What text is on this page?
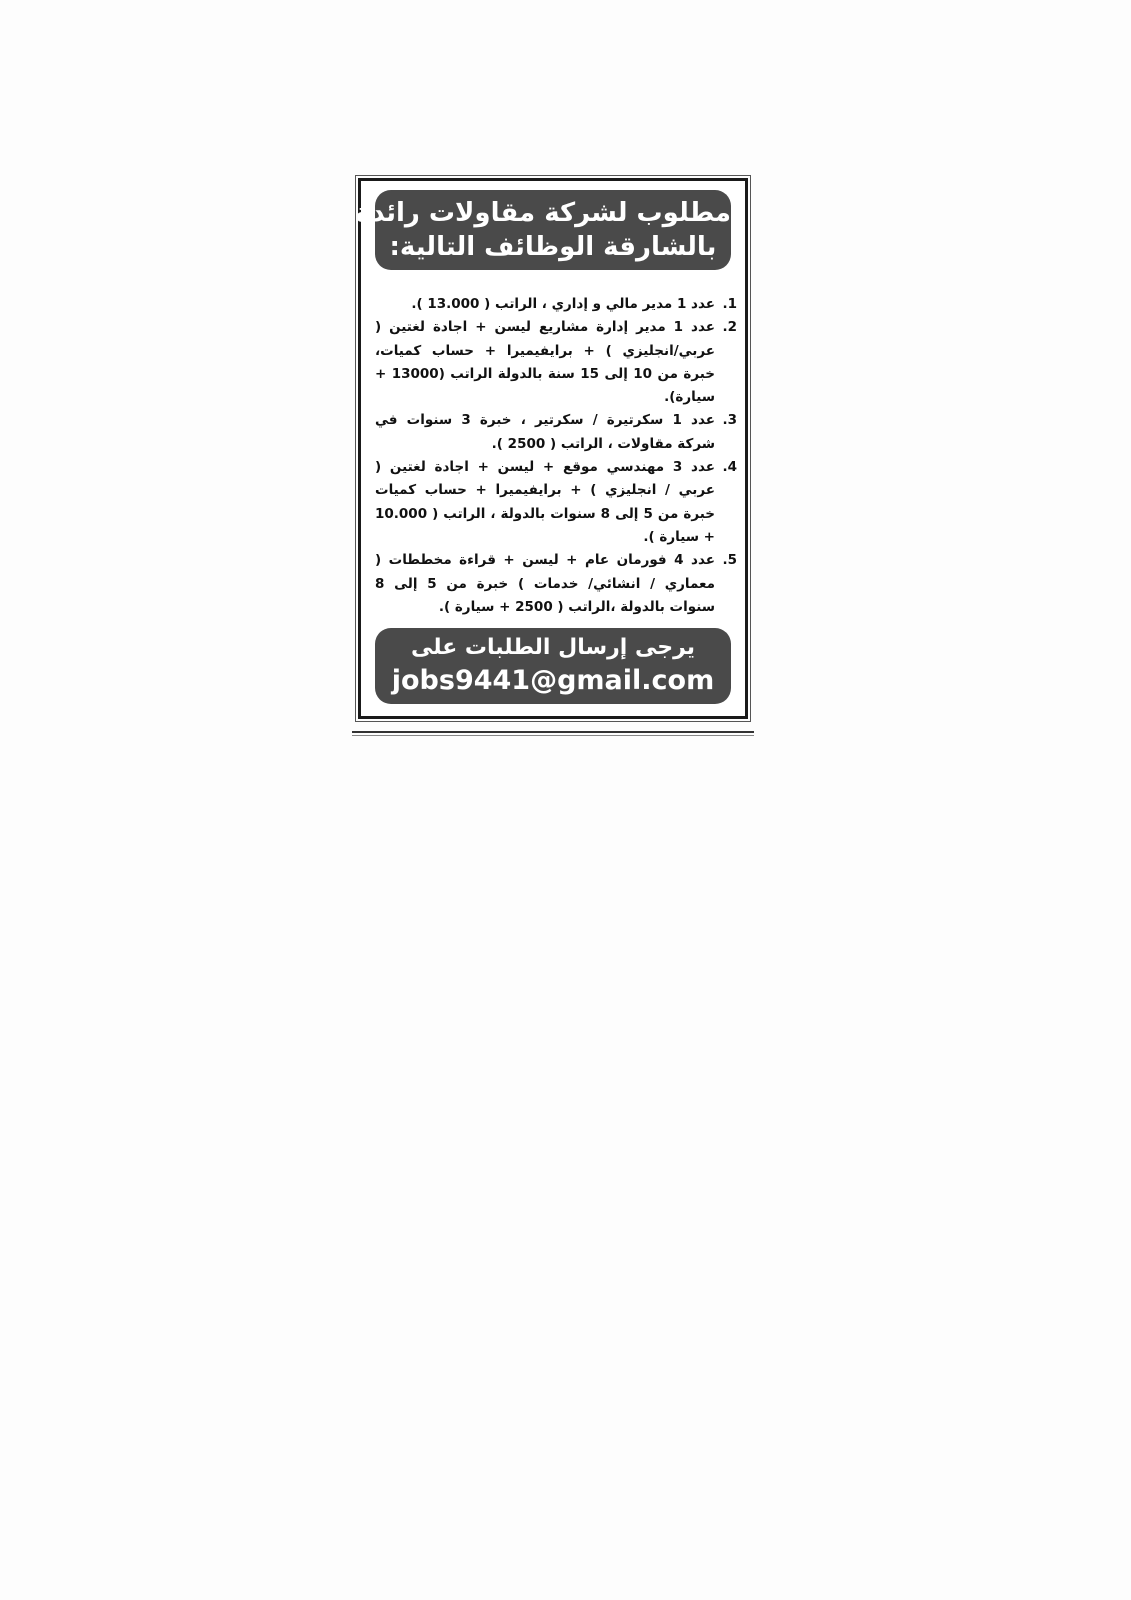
مطلوب لشركة مقاولات رائدة
بالشارقة الوظائف التالية:
1.
عدد 1 مدير مالي و إداري ، الراتب ( 13.000 ).
2.
عدد 1 مدير إدارة مشاريع ليسن + اجادة لغتين ( عربي/انجليزي ) + برايفيميرا + حساب كميات، خبرة من 10 إلى 15 سنة بالدولة الراتب (13000 + سيارة).
3.
عدد 1 سكرتيرة / سكرتير ، خبرة 3 سنوات في شركة مقاولات ، الراتب ( 2500 ).
4.
عدد 3 مهندسي موقع + ليسن + اجادة لغتين ( عربي / انجليزي ) + برايفيميرا + حساب كميات خبرة من 5 إلى 8 سنوات بالدولة ، الراتب ( 10.000 + سيارة ).
5.
عدد 4 فورمان عام + ليسن + قراءة مخططات ( معماري / انشائي/ خدمات ) خبرة من 5 إلى 8 سنوات بالدولة ،الراتب ( 2500 + سيارة ).
يرجى إرسال الطلبات على
jobs9441@gmail.com
